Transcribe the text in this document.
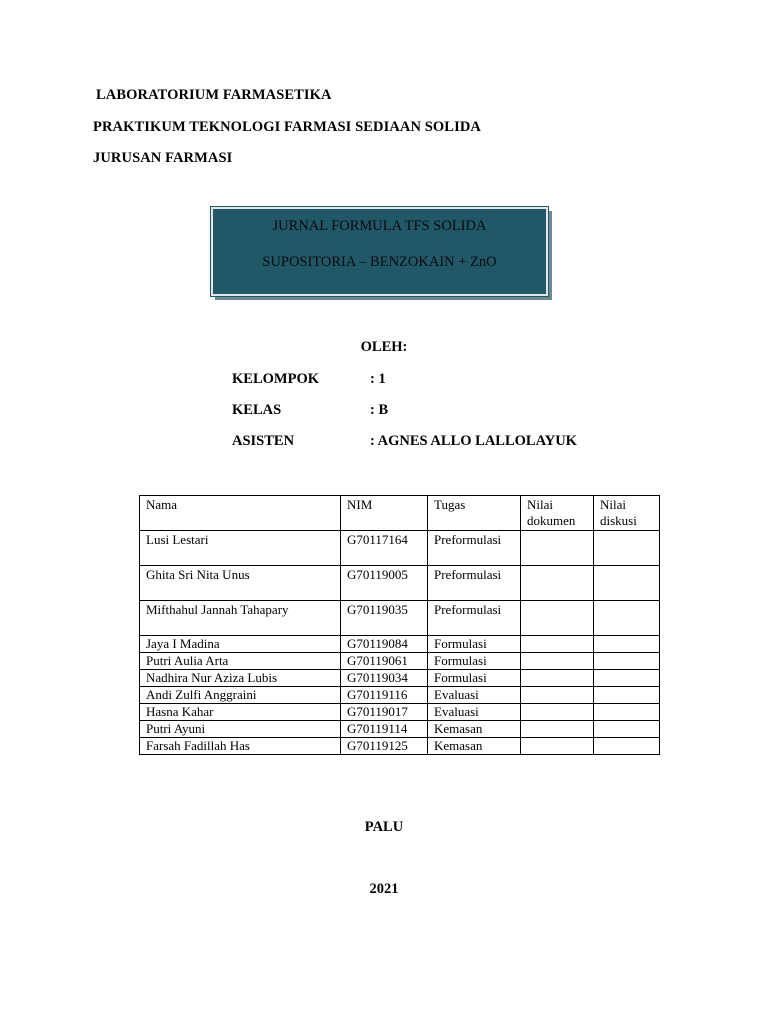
LABORATORIUM FARMASETIKA
PRAKTIKUM TEKNOLOGI FARMASI SEDIAAN SOLIDA
JURUSAN FARMASI
JURNAL FORMULA TFS SOLIDA
SUPOSITORIA – BENZOKAIN + ZnO
OLEH:
KELOMPOK	: 1
KELAS	: B
ASISTEN	: AGNES ALLO LALLOLAYUK
Nama	NIM	Tugas	Nilai dokumen	Nilai diskusi
Lusi Lestari	G70117164	Preformulasi		
Ghita Sri Nita Unus	G70119005	Preformulasi		
Mifthahul Jannah Tahapary	G70119035	Preformulasi		
Jaya I Madina	G70119084	Formulasi		
Putri Aulia Arta	G70119061	Formulasi		
Nadhira Nur Aziza Lubis	G70119034	Formulasi		
Andi Zulfi Anggraini	G70119116	Evaluasi		
Hasna Kahar	G70119017	Evaluasi		
Putri Ayuni	G70119114	Kemasan		
Farsah Fadillah Has	G70119125	Kemasan		
PALU
2021
